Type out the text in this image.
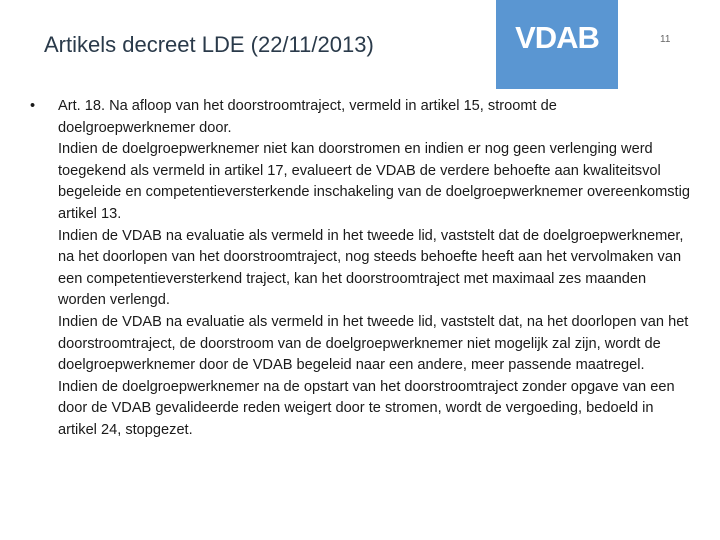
Artikels decreet LDE (22/11/2013)	VDAB	11
•	Art. 18. Na afloop van het doorstroomtraject, vermeld in artikel 15, stroomt de doelgroepwerknemer door.

Indien de doelgroepwerknemer niet kan doorstromen en indien er nog geen verlenging werd toegekend als vermeld in artikel 17, evalueert de VDAB de verdere behoefte aan kwaliteitsvol begeleide en competentieversterkende inschakeling van de doelgroepwerknemer overeenkomstig artikel 13.

Indien de VDAB na evaluatie als vermeld in het tweede lid, vaststelt dat de doelgroepwerknemer, na het doorlopen van het doorstroomtraject, nog steeds behoefte heeft aan het vervolmaken van een competentieversterkend traject, kan het doorstroomtraject met maximaal zes maanden worden verlengd.

Indien de VDAB na evaluatie als vermeld in het tweede lid, vaststelt dat, na het doorlopen van het doorstroomtraject, de doorstroom van de doelgroepwerknemer niet mogelijk zal zijn, wordt de doelgroepwerknemer door de VDAB begeleid naar een andere, meer passende maatregel.

Indien de doelgroepwerknemer na de opstart van het doorstroomtraject zonder opgave van een door de VDAB gevalideerde reden weigert door te stromen, wordt de vergoeding, bedoeld in artikel 24, stopgezet.
